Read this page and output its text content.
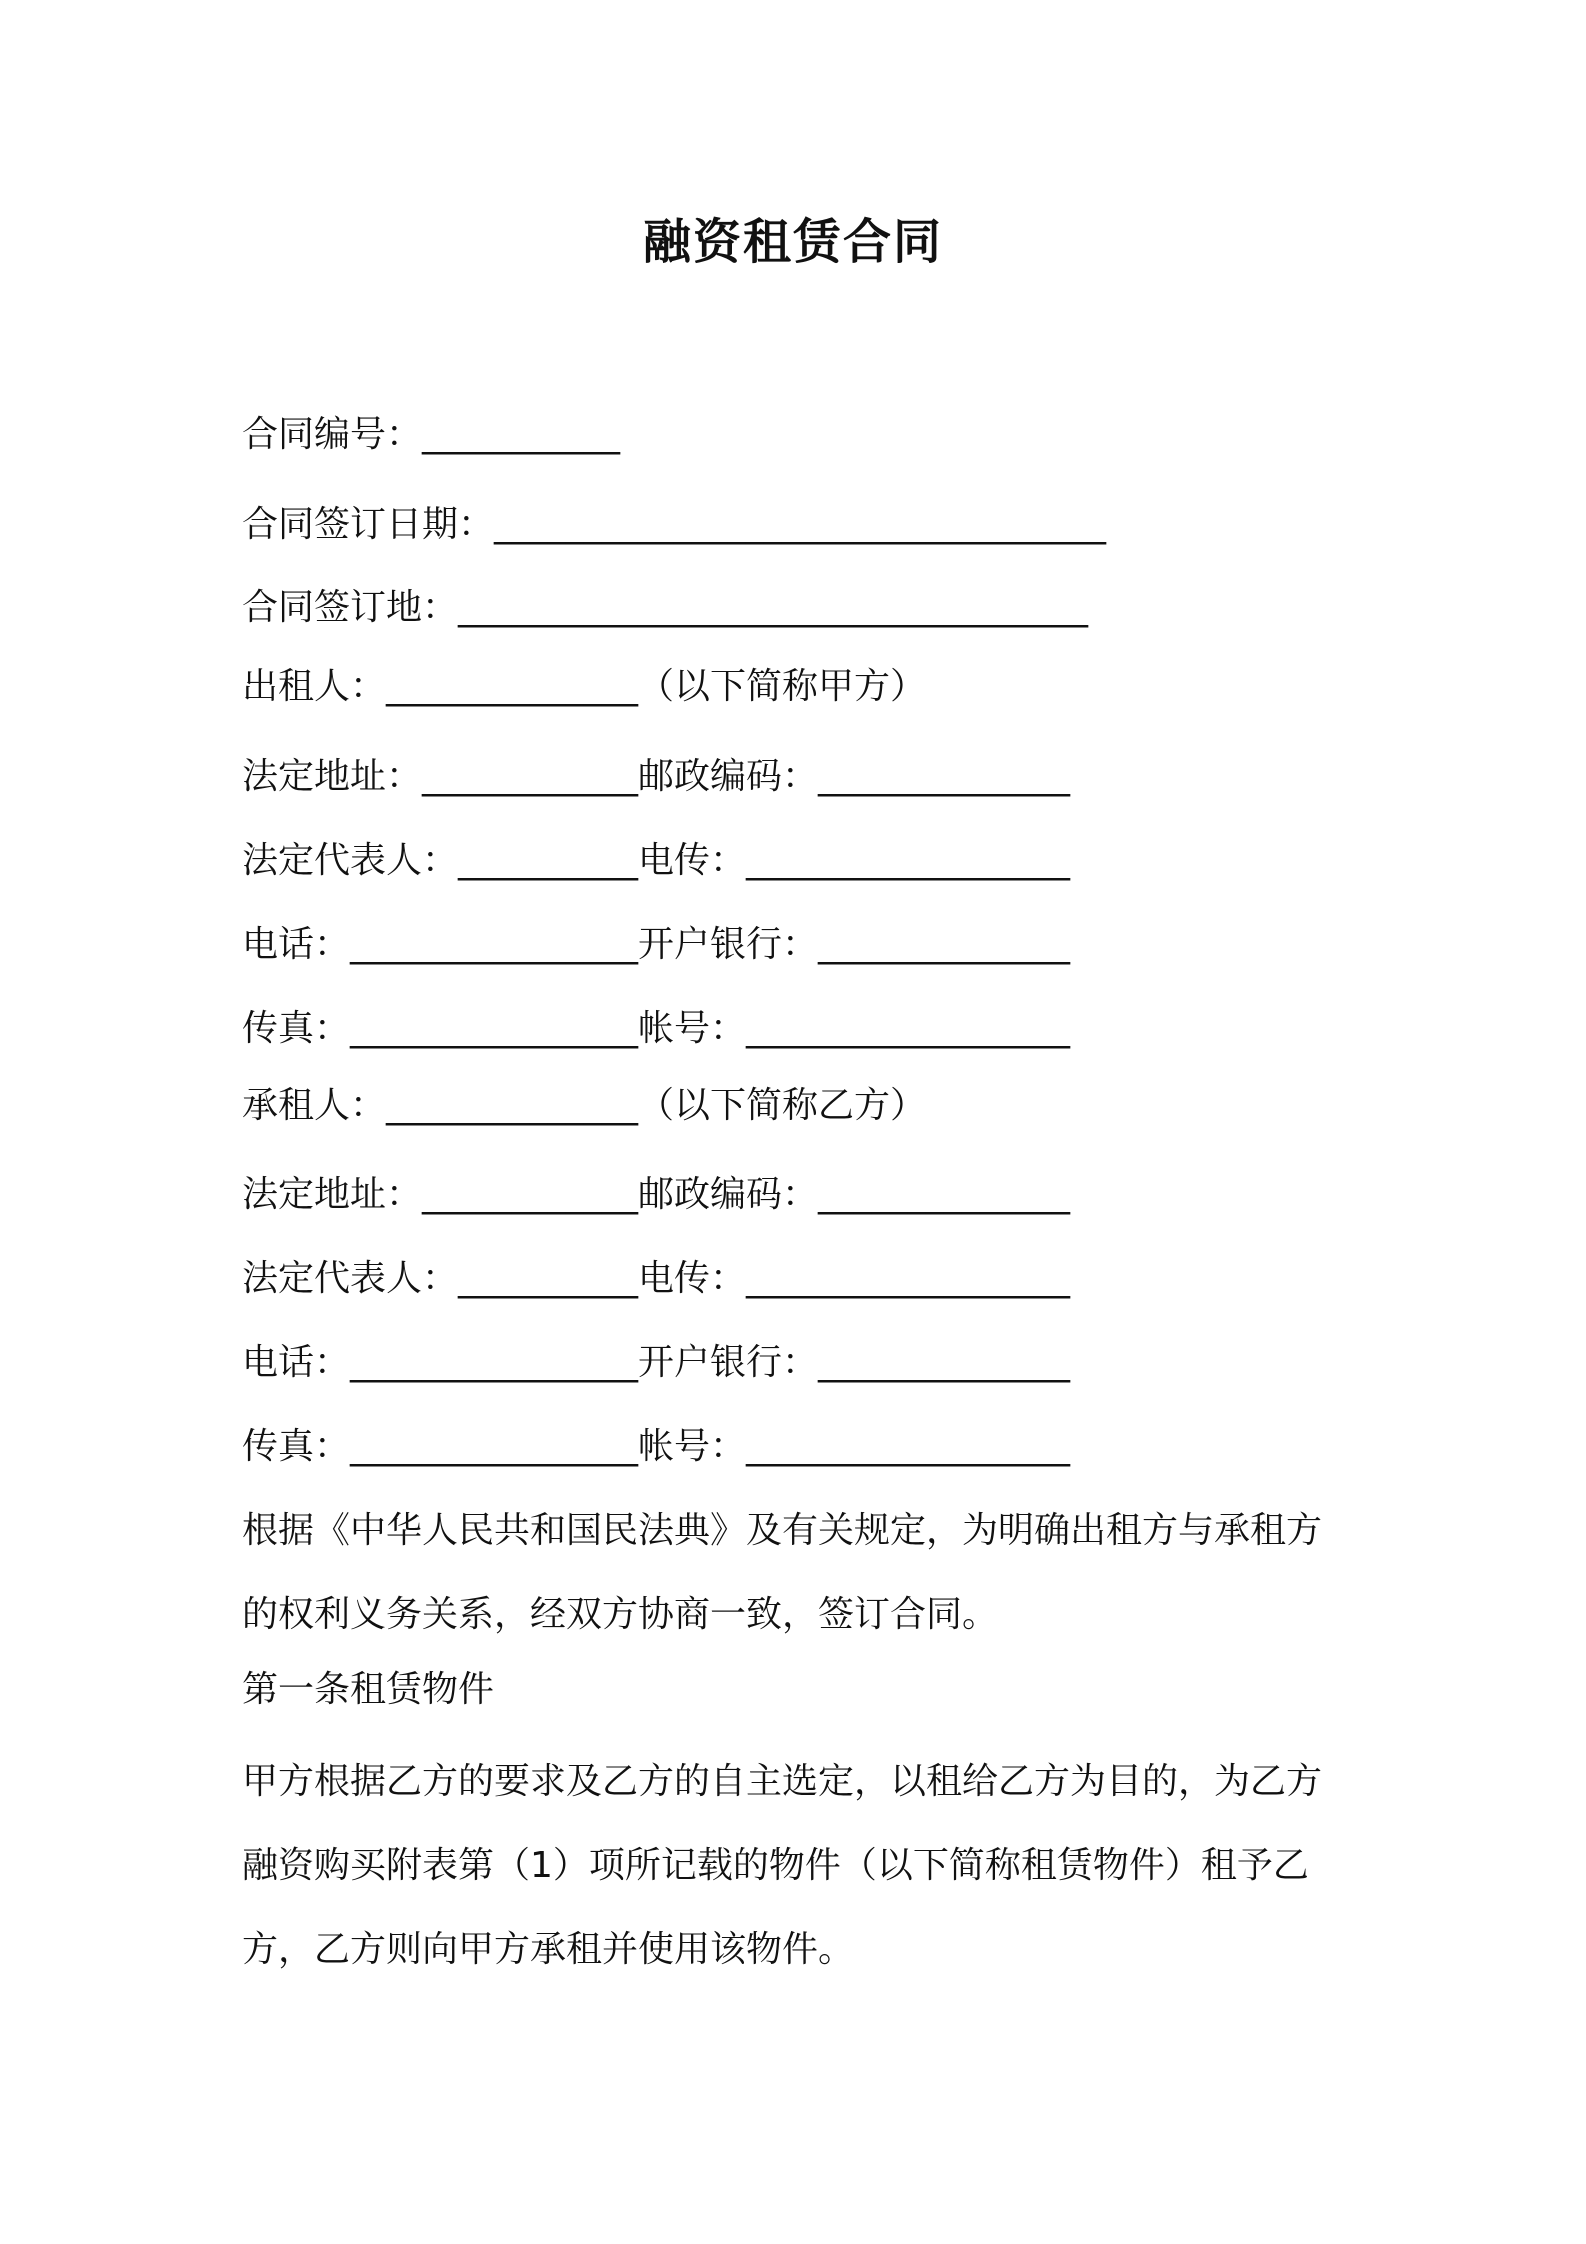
融资租赁合同
合同编号：___________
合同签订日期：__________________________________
合同签订地：___________________________________
出租人：______________（以下简称甲方）
法定地址：____________邮政编码：______________
法定代表人：__________电传：__________________
电话：________________开户银行：______________
传真：________________帐号：__________________
承租人：______________（以下简称乙方）
法定地址：____________邮政编码：______________
法定代表人：__________电传：__________________
电话：________________开户银行：______________
传真：________________帐号：__________________
根据《中华人民共和国民法典》及有关规定，为明确出租方与承租方
的权利义务关系，经双方协商一致，签订合同。
第一条租赁物件
甲方根据乙方的要求及乙方的自主选定，以租给乙方为目的，为乙方
融资购买附表第（1）项所记载的物件（以下简称租赁物件）租予乙
方，乙方则向甲方承租并使用该物件。
